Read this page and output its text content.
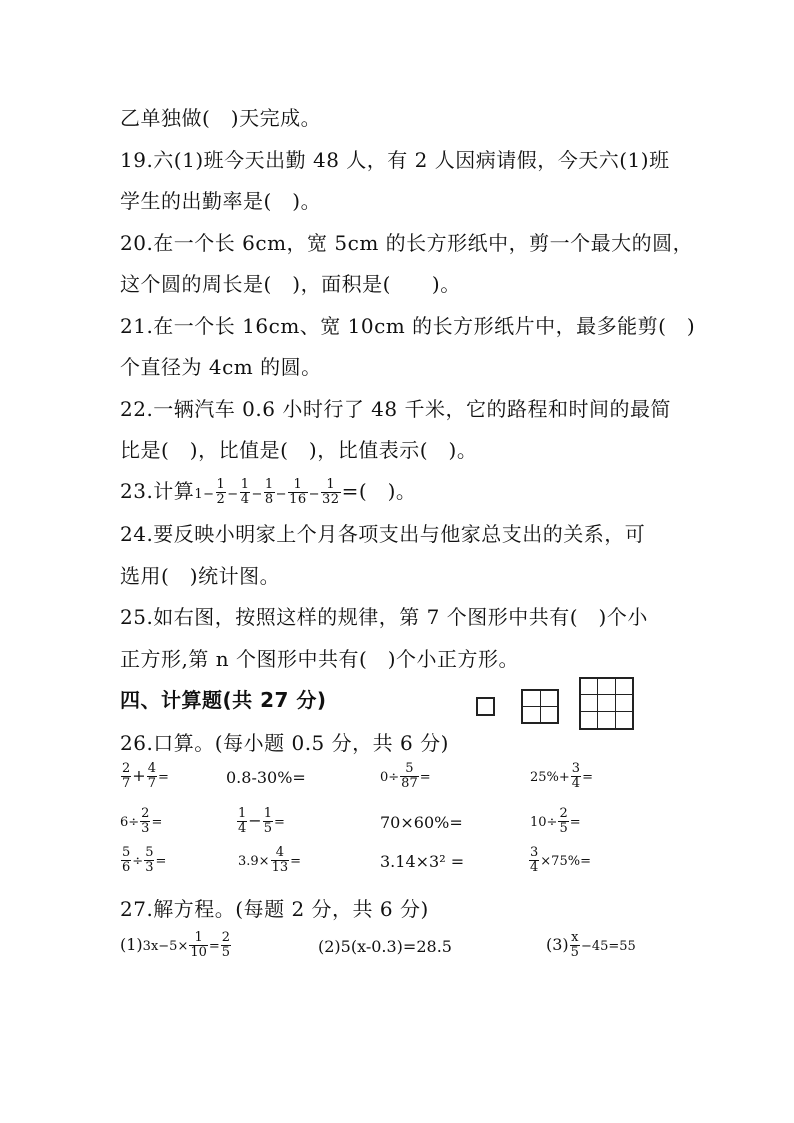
乙单独做(　)天完成。
19.六(1)班今天出勤 48 人，有 2 人因病请假，今天六(1)班
学生的出勤率是(　)。
20.在一个长 6cm，宽 5cm 的长方形纸中，剪一个最大的圆，
这个圆的周长是(　)，面积是(　　)。
21.在一个长 16cm、宽 10cm 的长方形纸片中，最多能剪(　)
个直径为 4cm 的圆。
22.一辆汽车 0.6 小时行了 48 千米，它的路程和时间的最简
比是(　)，比值是(　)，比值表示(　)。
23.计算$1- \frac{1}{2} - \frac{1}{4} - \frac{1}{8} - \frac{1}{16} - \frac{1}{32}$ =(　)。
24.要反映小明家上个月各项支出与他家总支出的关系，可
选用(　)统计图。
25.如右图，按照这样的规律，第 7 个图形中共有(　)个小
正方形,第 n 个图形中共有(　)个小正方形。
四、计算题(共 27 分)
26.口算。(每小题 0.5 分，共 6 分)
$\frac{2}{7} + \frac{4}{7}$ =	0.8-30%=	$0\div \frac{5}{87}$ =	$25\%+ \frac{3}{4}$ =
$6\div \frac{2}{3}$ =	$\frac{1}{4} - \frac{1}{5}$ =	70×60%=	$10\div \frac{2}{5}$ =
$\frac{5}{6} \div \frac{5}{3}$ =	$3.9\times \frac{4}{13}$ =	3.14×3² =	$\frac{3}{4} \times 75\%=$
27.解方程。(每题 2 分，共 6 分)
$(1)3x-5\times \frac{1}{10} = \frac{2}{5}$	(2)5(x-0.3)=28.5	$(3) \frac{x}{5} -45=55$
